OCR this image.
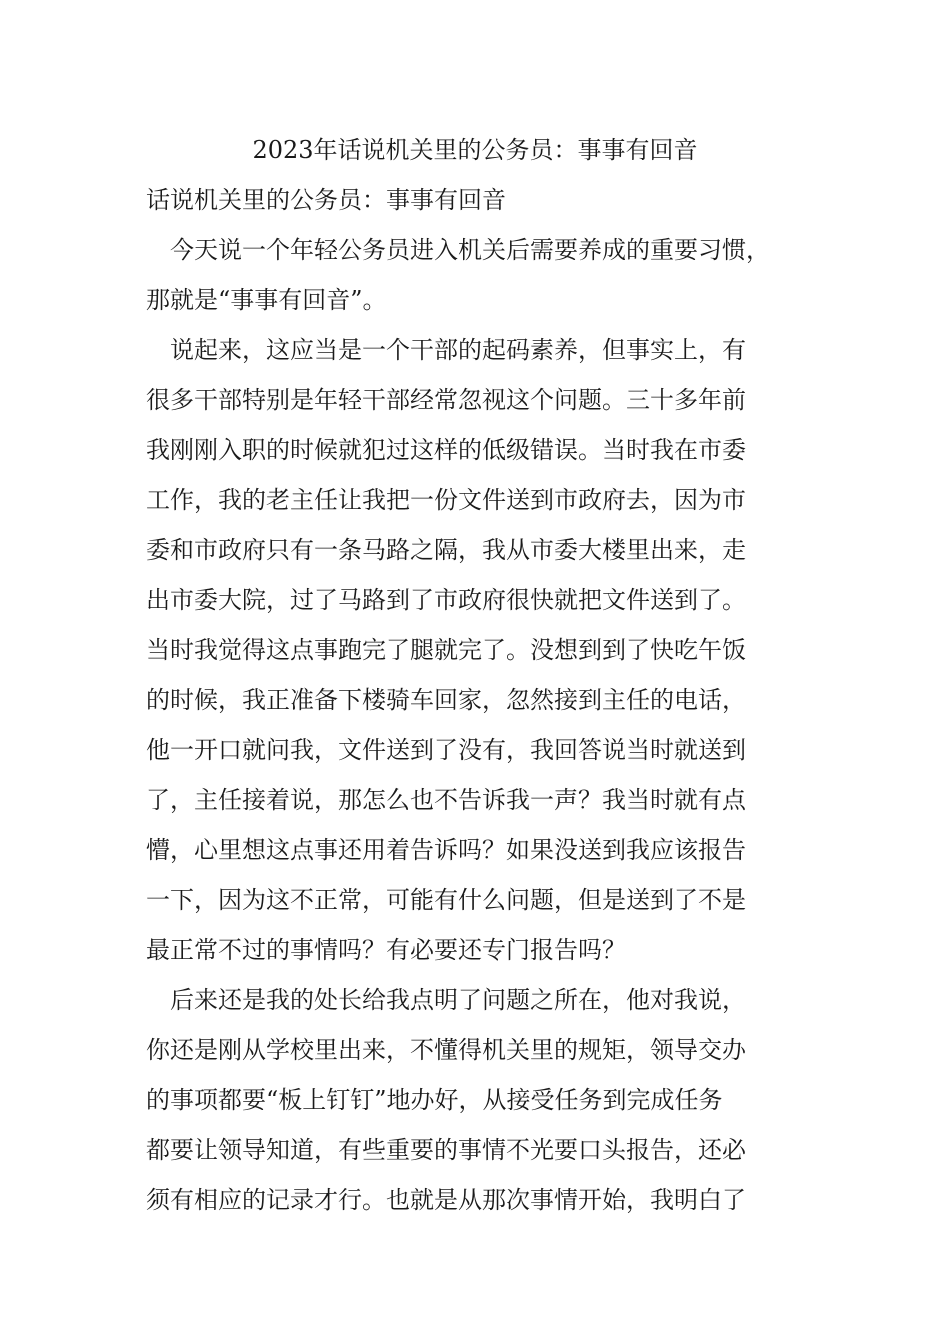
2023年话说机关里的公务员：事事有回音
话说机关里的公务员：事事有回音
　今天说一个年轻公务员进入机关后需要养成的重要习惯，
那就是“事事有回音”。
　说起来，这应当是一个干部的起码素养，但事实上，有
很多干部特别是年轻干部经常忽视这个问题。三十多年前
我刚刚入职的时候就犯过这样的低级错误。当时我在市委
工作，我的老主任让我把一份文件送到市政府去，因为市
委和市政府只有一条马路之隔，我从市委大楼里出来，走
出市委大院，过了马路到了市政府很快就把文件送到了。
当时我觉得这点事跑完了腿就完了。没想到到了快吃午饭
的时候，我正准备下楼骑车回家，忽然接到主任的电话，
他一开口就问我，文件送到了没有，我回答说当时就送到
了，主任接着说，那怎么也不告诉我一声？我当时就有点
懵，心里想这点事还用着告诉吗？如果没送到我应该报告
一下，因为这不正常，可能有什么问题，但是送到了不是
最正常不过的事情吗？有必要还专门报告吗？
　后来还是我的处长给我点明了问题之所在，他对我说，
你还是刚从学校里出来，不懂得机关里的规矩，领导交办
的事项都要“板上钉钉”地办好，从接受任务到完成任务
都要让领导知道，有些重要的事情不光要口头报告，还必
须有相应的记录才行。也就是从那次事情开始，我明白了
